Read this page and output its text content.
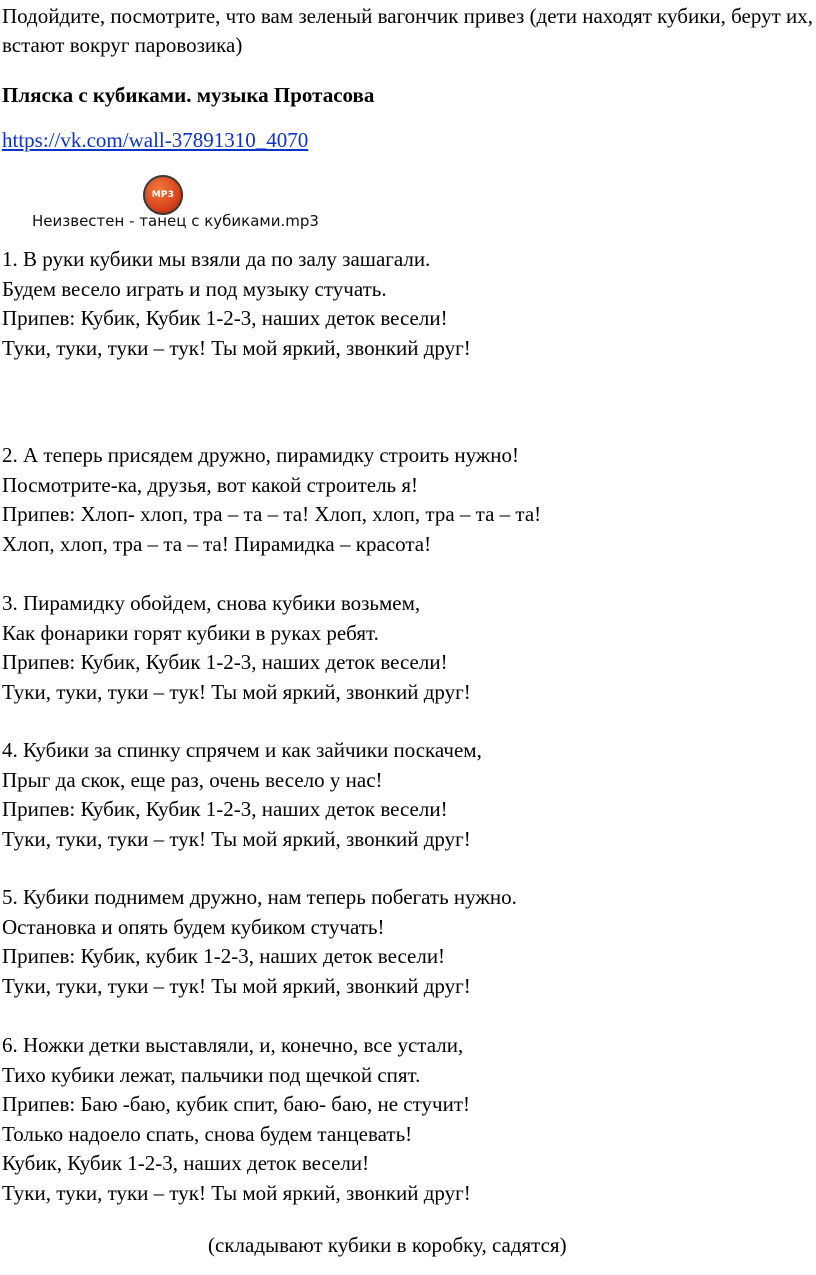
Подойдите, посмотрите, что вам зеленый вагончик привез (дети находят кубики, берут их, встают вокруг паровозика)
Пляска с кубиками. музыка Протасова
https://vk.com/wall-37891310_4070
MP3
Неизвестен - танец с кубиками.mp3
1. В руки кубики мы взяли да по залу зашагали.
Будем весело играть и под музыку стучать.
Припев: Кубик, Кубик 1-2-3, наших деток весели!
Туки, туки, туки – тук! Ты мой яркий, звонкий друг!
2. А теперь присядем дружно, пирамидку строить нужно!
Посмотрите-ка, друзья, вот какой строитель я!
Припев: Хлоп- хлоп, тра – та – та! Хлоп, хлоп, тра – та – та!
Хлоп, хлоп, тра – та – та! Пирамидка – красота!
3. Пирамидку обойдем, снова кубики возьмем,
Как фонарики горят кубики в руках ребят.
Припев: Кубик, Кубик 1-2-3, наших деток весели!
Туки, туки, туки – тук! Ты мой яркий, звонкий друг!
4. Кубики за спинку спрячем и как зайчики поскачем,
Прыг да скок, еще раз, очень весело у нас!
Припев: Кубик, Кубик 1-2-3, наших деток весели!
Туки, туки, туки – тук! Ты мой яркий, звонкий друг!
5. Кубики поднимем дружно, нам теперь побегать нужно.
Остановка и опять будем кубиком стучать!
Припев: Кубик, кубик 1-2-3, наших деток весели!
Туки, туки, туки – тук! Ты мой яркий, звонкий друг!
6. Ножки детки выставляли, и, конечно, все устали,
Тихо кубики лежат, пальчики под щечкой спят.
Припев: Баю -баю, кубик спит, баю- баю, не стучит!
Только надоело спать, снова будем танцевать!
Кубик, Кубик 1-2-3, наших деток весели!
Туки, туки, туки – тук! Ты мой яркий, звонкий друг!
(складывают кубики в коробку, садятся)
